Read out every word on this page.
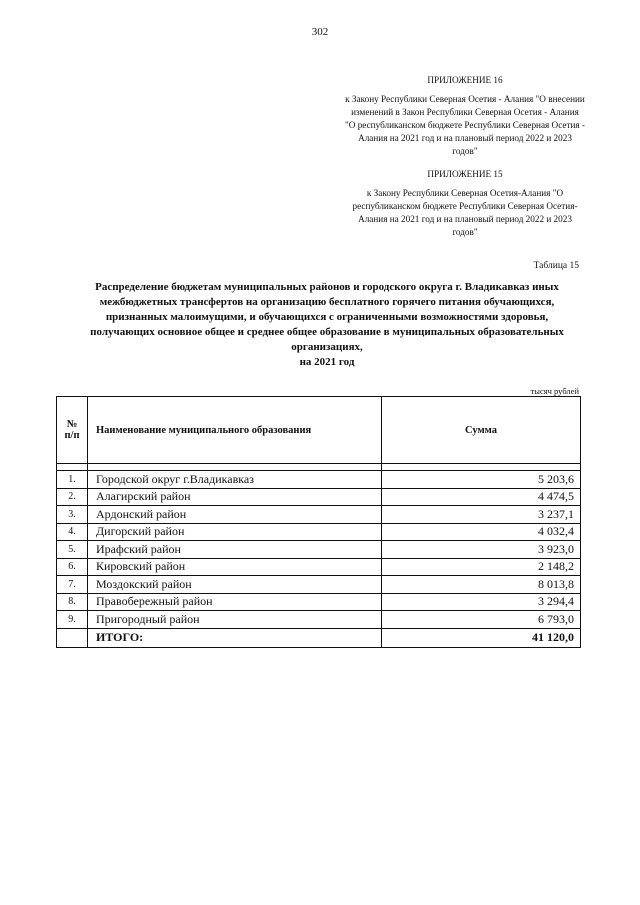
302
ПРИЛОЖЕНИЕ 16
к Закону Республики Северная Осетия - Алания "О внесении изменений в Закон Республики Северная Осетия - Алания "О республиканском бюджете Республики Северная Осетия - Алания на 2021 год и на плановый период 2022 и 2023 годов"
ПРИЛОЖЕНИЕ 15
к Закону Республики Северная Осетия-Алания "О республиканском бюджете Республики Северная Осетия-Алания на 2021 год и на плановый период 2022 и 2023 годов"
Таблица 15
Распределение бюджетам муниципальных районов и городского округа г. Владикавказ иных межбюджетных трансфертов на организацию бесплатного горячего питания обучающихся, признанных малоимущими, и обучающихся с ограниченными возможностями здоровья, получающих основное общее и среднее общее образование в муниципальных образовательных организациях,
на 2021 год
тысяч рублей
№ п/п	Наименование муниципального образования	Сумма

1.	Городской округ г.Владикавказ	5 203,6
2.	Алагирский район	4 474,5
3.	Ардонский район	3 237,1
4.	Дигорский район	4 032,4
5.	Ирафский район	3 923,0
6.	Кировский район	2 148,2
7.	Моздокский район	8 013,8
8.	Правобережный район	3 294,4
9.	Пригородный район	6 793,0
	ИТОГО:	41 120,0
